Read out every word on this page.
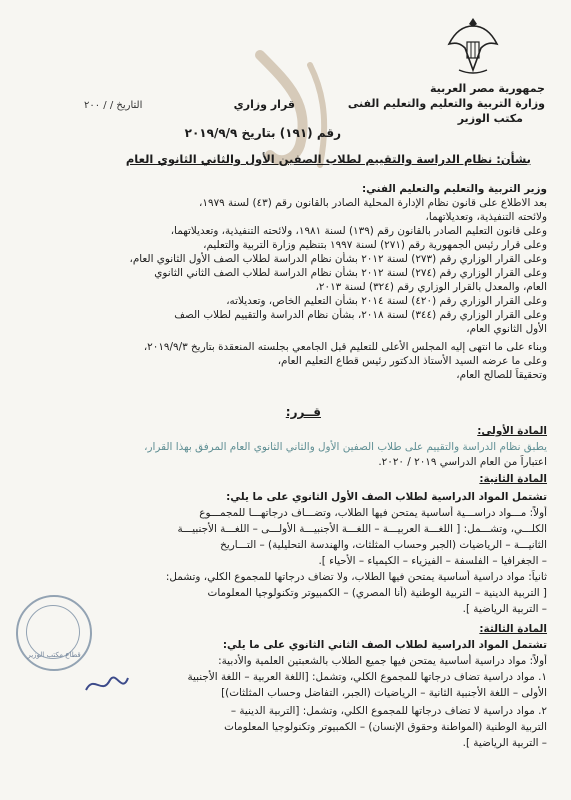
جمهورية مصر العربية
وزارة التربية والتعليم والتعليم الفنى
مكتب الوزير
قرار وزاري
التاريخ / / ٢٠٠
رقم (١٩١) بتاريخ ٢٠١٩/٩/٩
بشأن: نظام الدراسة والتقييم لطلاب الصفين الأول والثاني الثانوي العام
وزير التربية والتعليم والتعليم الفني:
بعد الاطلاع على قانون نظام الإدارة المحلية الصادر بالقانون رقم (٤٣) لسنة ١٩٧٩،
ولائحته التنفيذية، وتعديلاتهما،
وعلى قانون التعليم الصادر بالقانون رقم (١٣٩) لسنة ١٩٨١، ولائحته التنفيذية، وتعديلاتهما،
وعلى قرار رئيس الجمهورية رقم (٢٧١) لسنة ١٩٩٧ بتنظيم وزارة التربية والتعليم،
وعلى القرار الوزاري رقم (٢٧٣) لسنة ٢٠١٢ بشأن نظام الدراسة لطلاب الصف الأول الثانوي العام،
وعلى القرار الوزاري رقم (٢٧٤) لسنة ٢٠١٢ بشأن نظام الدراسة لطلاب الصف الثاني الثانوي
العام، والمعدل بالقرار الوزاري رقم (٣٢٤) لسنة ٢٠١٣،
وعلى القرار الوزاري رقم (٤٢٠) لسنة ٢٠١٤ بشأن التعليم الخاص، وتعديلاته،
وعلى القرار الوزاري رقم (٣٤٤) لسنة ٢٠١٨، بشأن نظام الدراسة والتقييم لطلاب الصف
الأول الثانوي العام،
وبناء على ما انتهى إليه المجلس الأعلى للتعليم قبل الجامعي بجلسته المنعقدة بتاريخ ٢٠١٩/٩/٣،
وعلى ما عرضه السيد الأستاذ الدكتور رئيس قطاع التعليم العام،
وتحقيقاً للصالح العام،
قــرر:
المادة الأولى:
يطبق نظام الدراسة والتقييم على طلاب الصفين الأول والثاني الثانوي العام المرفق بهذا القرار،
اعتباراً من العام الدراسي ٢٠١٩ / ٢٠٢٠.
المادة الثانية:
تشتمل المواد الدراسية لطلاب الصف الأول الثانوي على ما يلي:
أولاً: مـــواد دراســـية أساسية يمتحن فيها الطلاب، وتضـــاف درجاتهـــا للمجمـــوع
الكلـــي، وتشـــمل: [ اللغـــة العربيـــة – اللغـــة الأجنبيـــة الأولـــى – اللغـــة الأجنبيـــة
الثانيـــة – الرياضيات (الجبر وحساب المثلثات، والهندسة التحليلية) – التـــاريخ
– الجغرافيا – الفلسفة – الفيزياء – الكيمياء – الأحياء ].
ثانياً: مواد دراسية أساسية يمتحن فيها الطلاب، ولا تضاف درجاتها للمجموع الكلي، وتشمل:
[ التربية الدينية – التربية الوطنية (أنا المصري) – الكمبيوتر وتكنولوجيا المعلومات
– التربية الرياضية ].
المادة الثالثة:
تشتمل المواد الدراسية لطلاب الصف الثاني الثانوي على ما يلي:
أولاً: مواد دراسية أساسية يمتحن فيها جميع الطلاب بالشعبتين العلمية والأدبية:
١. مواد دراسية تضاف درجاتها للمجموع الكلي، وتشمل: [اللغة العربية – اللغة الأجنبية
الأولى – اللغة الأجنبية الثانية – الرياضيات (الجبر، التفاضل وحساب المثلثات)]
٢. مواد دراسية لا تضاف درجاتها للمجموع الكلي، وتشمل: [التربية الدينية –
التربية الوطنية (المواطنة وحقوق الإنسان) – الكمبيوتر وتكنولوجيا المعلومات
– التربية الرياضية ].
قطاع مكتب الوزير
